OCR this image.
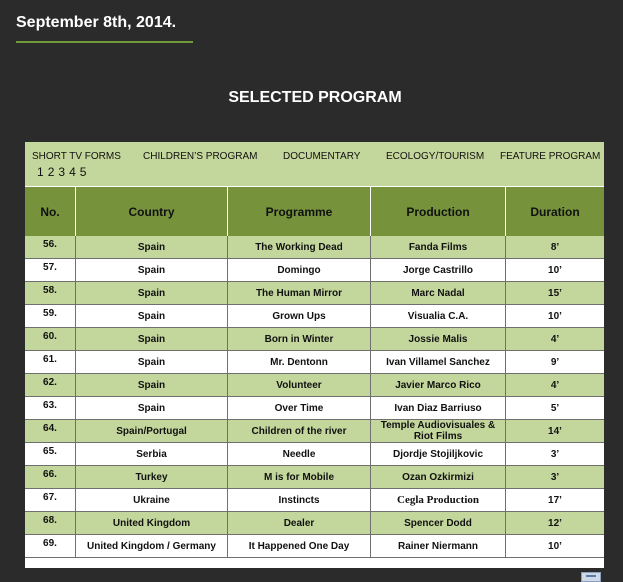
September 8th, 2014.
SELECTED PROGRAM
SHORT TV FORMS CHILDREN’S PROGRAM	DOCUMENTARY	ECOLOGY/TOURISM FEATURE PROGRAM
1 2 3 4 5
No.	Country	Programme	Production	Duration
56.	Spain	The Working Dead	Fanda Films	8’
57.	Spain	Domingo	Jorge Castrillo	10’
58.	Spain	The Human Mirror	Marc Nadal	15’
59.	Spain	Grown Ups	Visualia C.A.	10’
60.	Spain	Born in Winter	Jossie Malis	4’
61.	Spain	Mr. Dentonn	Ivan Villamel Sanchez	9’
62.	Spain	Volunteer	Javier Marco Rico	4’
63.	Spain	Over Time	Ivan Diaz Barriuso	5’
64.	Spain/Portugal	Children of the river	Temple Audiovisuales & Riot Films	14’
65.	Serbia	Needle	Djordje Stojiljkovic	3’
66.	Turkey	M is for Mobile	Ozan Ozkirmizi	3’
67.	Ukraine	Instincts	Cegla Production	17’
68.	United Kingdom	Dealer	Spencer Dodd	12’
69.	United Kingdom / Germany	It Happened One Day	Rainer Niermann	10’
